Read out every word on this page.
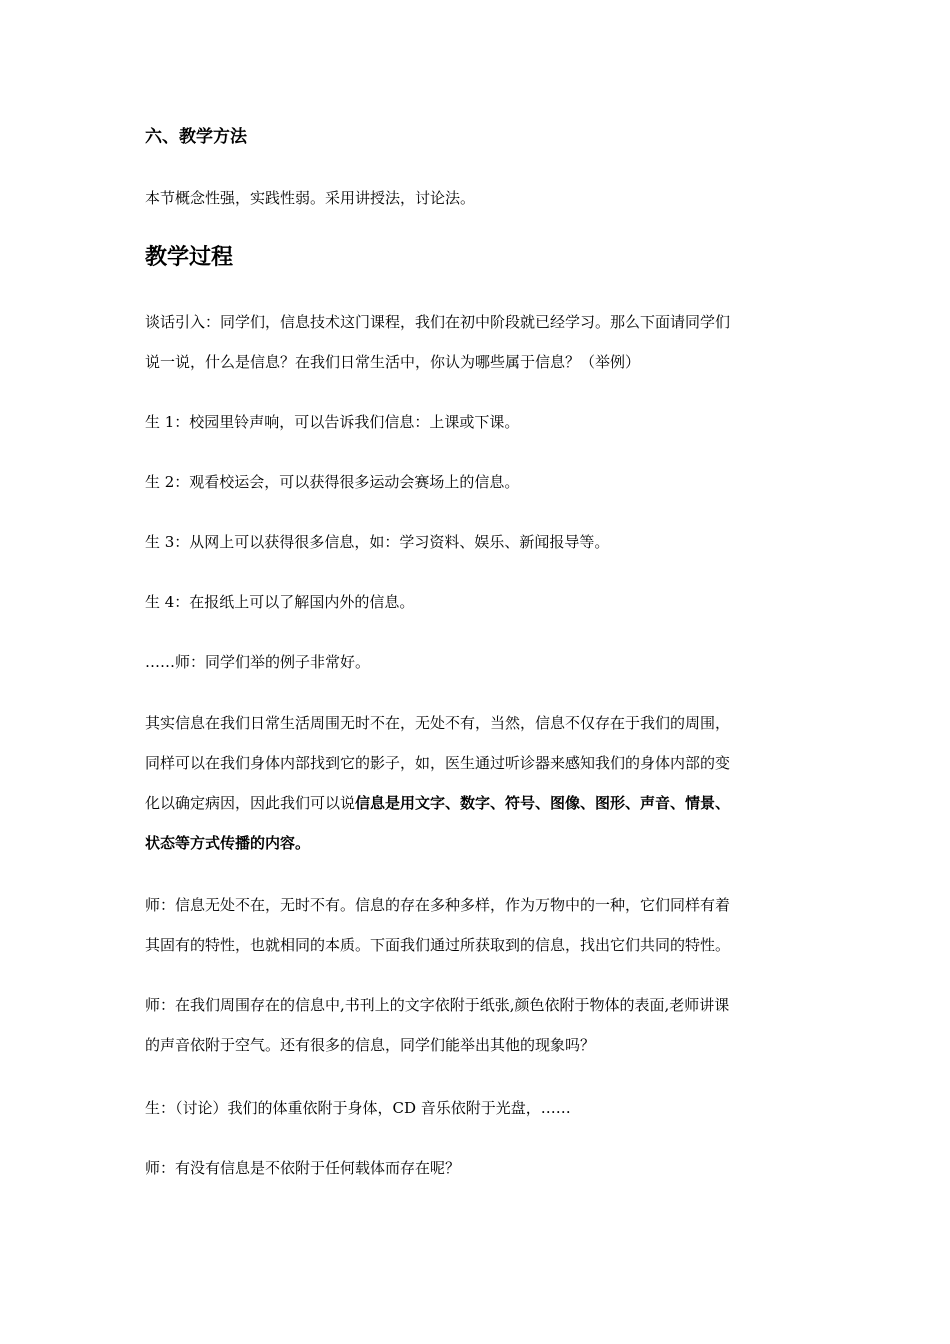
六、教学方法
本节概念性强，实践性弱。采用讲授法，讨论法。
教学过程
谈话引入：同学们，信息技术这门课程，我们在初中阶段就已经学习。那么下面请同学们
说一说，什么是信息？在我们日常生活中，你认为哪些属于信息？（举例）
生 1：校园里铃声响，可以告诉我们信息：上课或下课。
生 2：观看校运会，可以获得很多运动会赛场上的信息。
生 3：从网上可以获得很多信息，如：学习资料、娱乐、新闻报导等。
生 4：在报纸上可以了解国内外的信息。
……师：同学们举的例子非常好。
其实信息在我们日常生活周围无时不在，无处不有，当然，信息不仅存在于我们的周围，
同样可以在我们身体内部找到它的影子，如，医生通过听诊器来感知我们的身体内部的变
化以确定病因，因此我们可以说信息是用文字、数字、符号、图像、图形、声音、情景、
状态等方式传播的内容。
师：信息无处不在，无时不有。信息的存在多种多样，作为万物中的一种，它们同样有着
其固有的特性，也就相同的本质。下面我们通过所获取到的信息，找出它们共同的特性。
师：在我们周围存在的信息中,书刊上的文字依附于纸张,颜色依附于物体的表面,老师讲课
的声音依附于空气。还有很多的信息，同学们能举出其他的现象吗？
生：（讨论）我们的体重依附于身体，CD 音乐依附于光盘，……
师：有没有信息是不依附于任何载体而存在呢？
